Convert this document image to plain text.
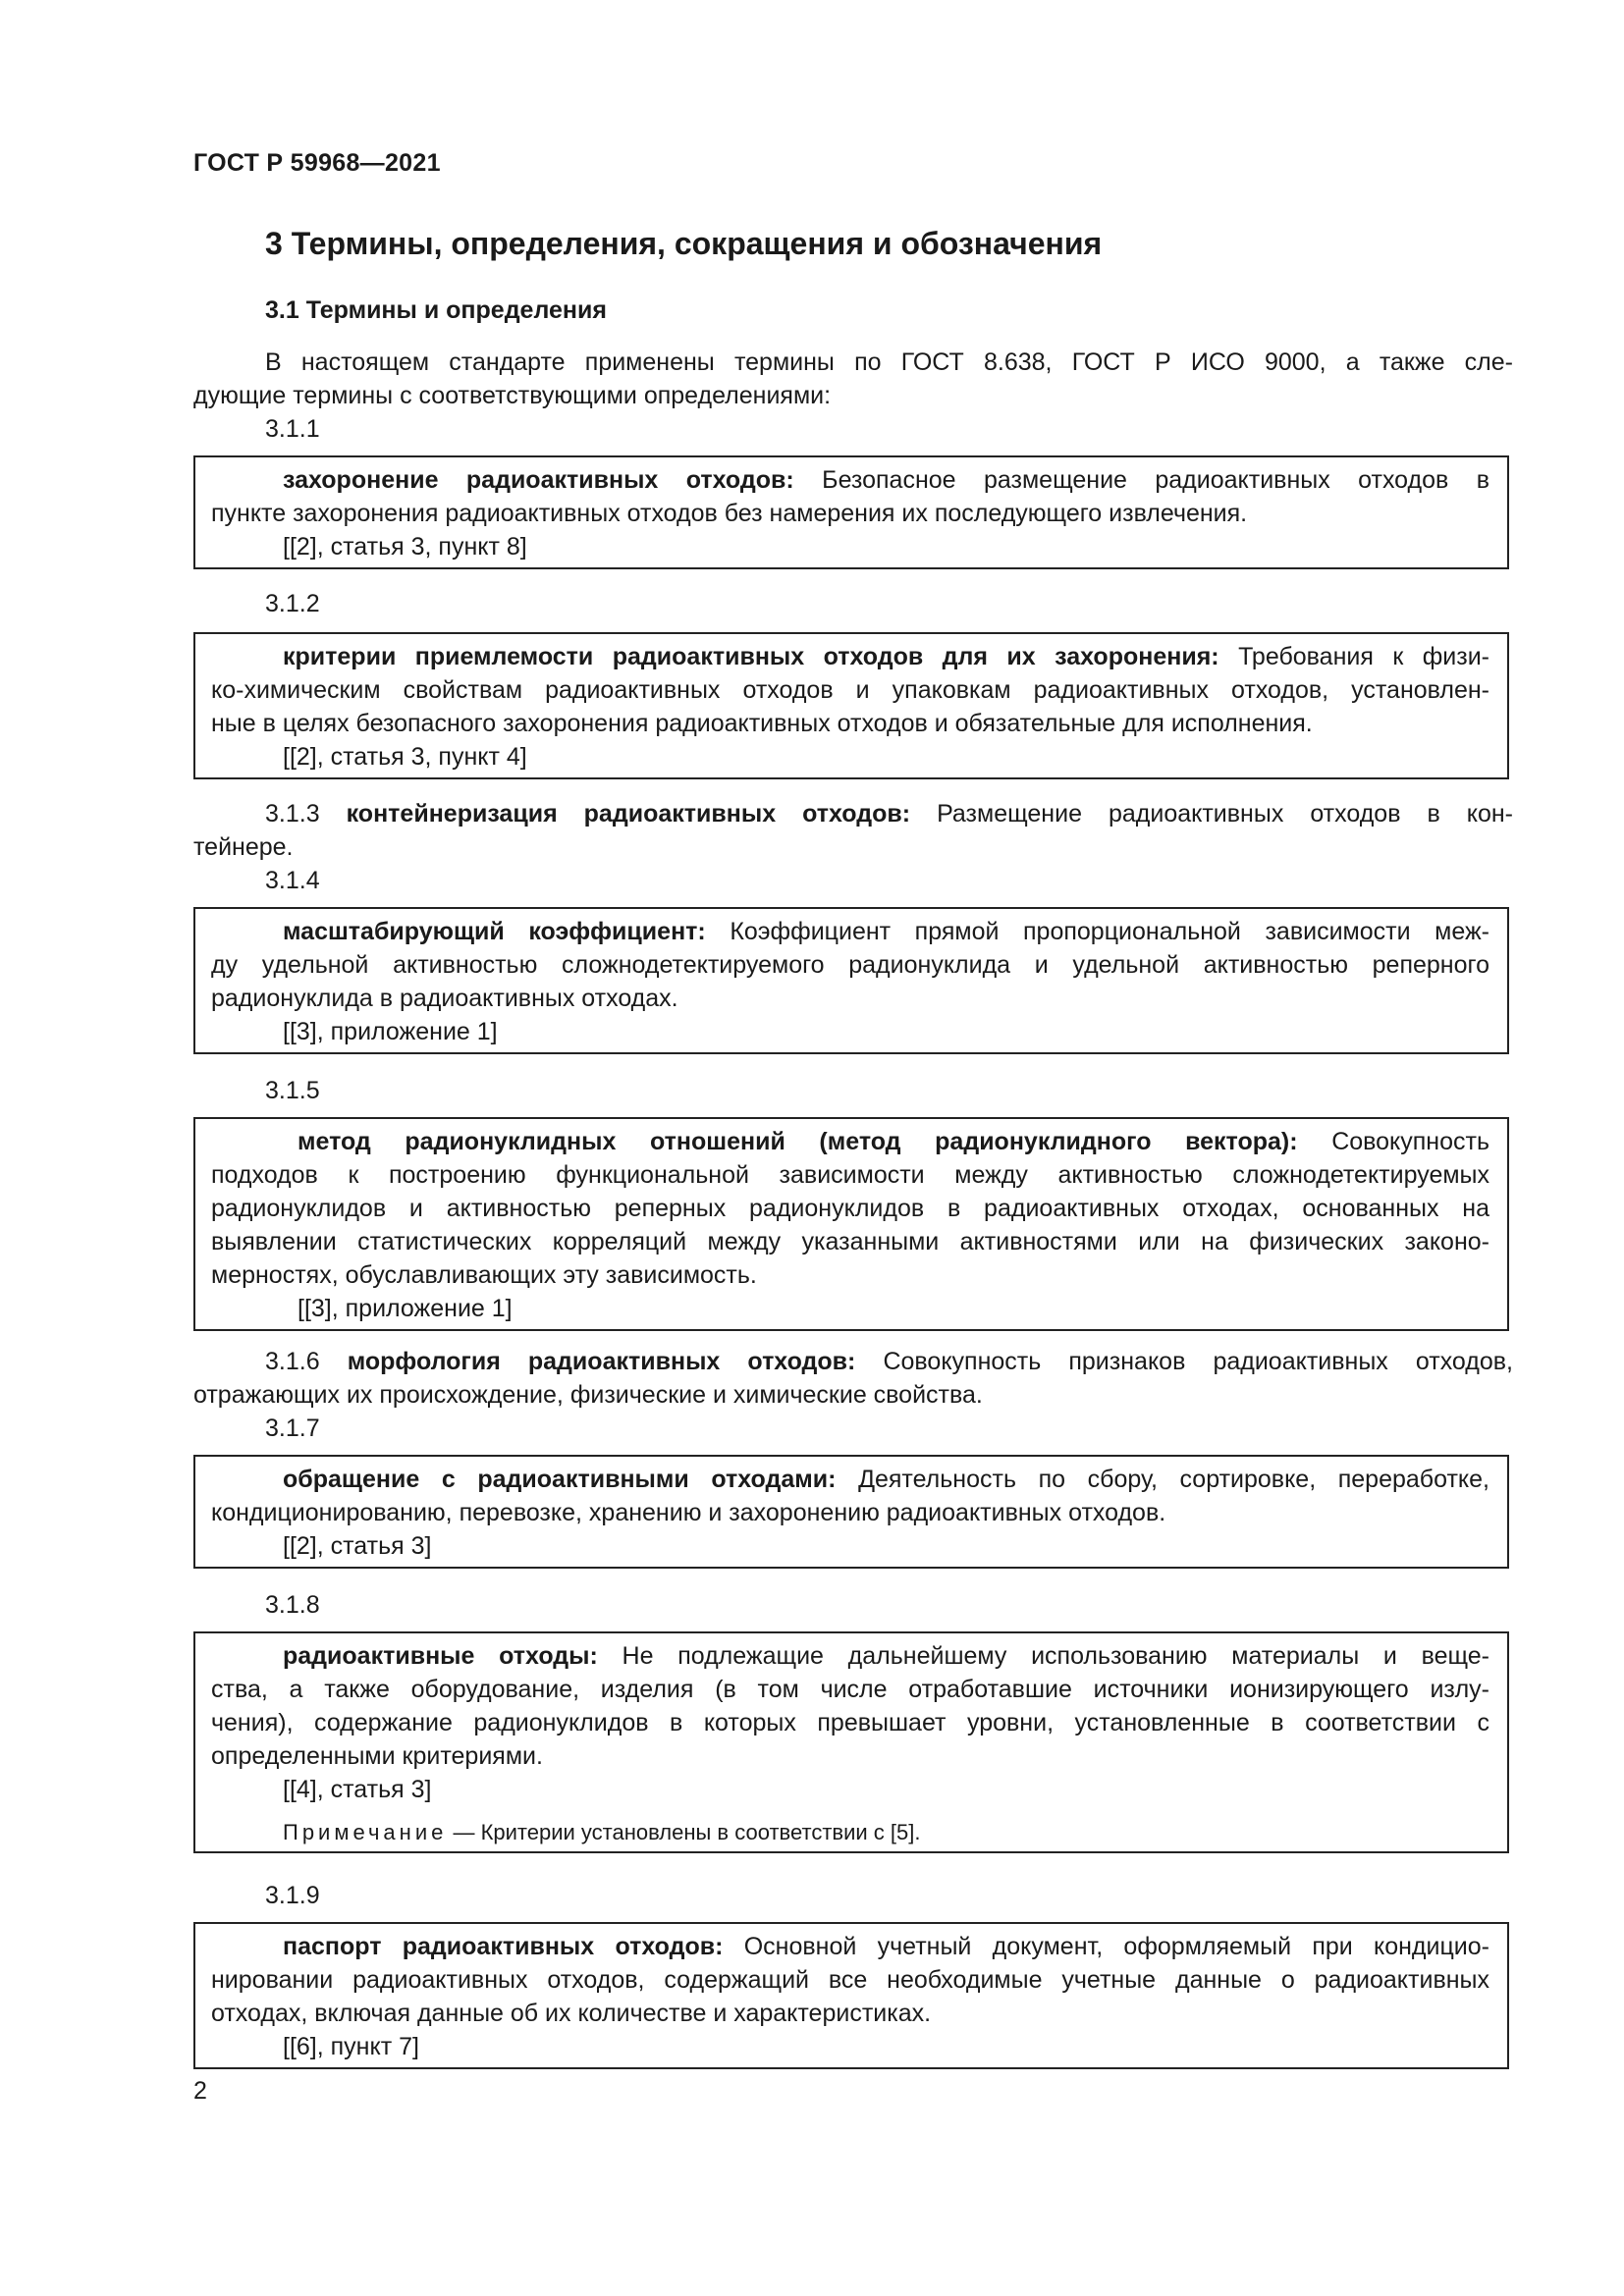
ГОСТ Р 59968—2021
3 Термины, определения, сокращения и обозначения
3.1 Термины и определения
В настоящем стандарте применены термины по ГОСТ 8.638, ГОСТ Р ИСО 9000, а также сле-
дующие термины с соответствующими определениями:
3.1.1
захоронение радиоактивных отходов: Безопасное размещение радиоактивных отходов в
пункте захоронения радиоактивных отходов без намерения их последующего извлечения.
[[2], статья 3, пункт 8]
3.1.2
критерии приемлемости радиоактивных отходов для их захоронения: Требования к физи-
ко-химическим свойствам радиоактивных отходов и упаковкам радиоактивных отходов, установлен-
ные в целях безопасного захоронения радиоактивных отходов и обязательные для исполнения.
[[2], статья 3, пункт 4]
3.1.3 контейнеризация радиоактивных отходов: Размещение радиоактивных отходов в кон-
тейнере.
3.1.4
масштабирующий коэффициент: Коэффициент прямой пропорциональной зависимости меж-
ду удельной активностью сложнодетектируемого радионуклида и удельной активностью реперного
радионуклида в радиоактивных отходах.
[[3], приложение 1]
3.1.5
метод радионуклидных отношений (метод радионуклидного вектора): Совокупность
подходов к построению функциональной зависимости между активностью сложнодетектируемых
радионуклидов и активностью реперных радионуклидов в радиоактивных отходах, основанных на
выявлении статистических корреляций между указанными активностями или на физических законо-
мерностях, обуславливающих эту зависимость.
[[3], приложение 1]
3.1.6 морфология радиоактивных отходов: Совокупность признаков радиоактивных отходов,
отражающих их происхождение, физические и химические свойства.
3.1.7
обращение с радиоактивными отходами: Деятельность по сбору, сортировке, переработке,
кондиционированию, перевозке, хранению и захоронению радиоактивных отходов.
[[2], статья 3]
3.1.8
радиоактивные отходы: Не подлежащие дальнейшему использованию материалы и веще-
ства, а также оборудование, изделия (в том числе отработавшие источники ионизирующего излу-
чения), содержание радионуклидов в которых превышает уровни, установленные в соответствии с
определенными критериями.
[[4], статья 3]
Примечание — Критерии установлены в соответствии с [5].
3.1.9
паспорт радиоактивных отходов: Основной учетный документ, оформляемый при кондицио-
нировании радиоактивных отходов, содержащий все необходимые учетные данные о радиоактивных
отходах, включая данные об их количестве и характеристиках.
[[6], пункт 7]
2
